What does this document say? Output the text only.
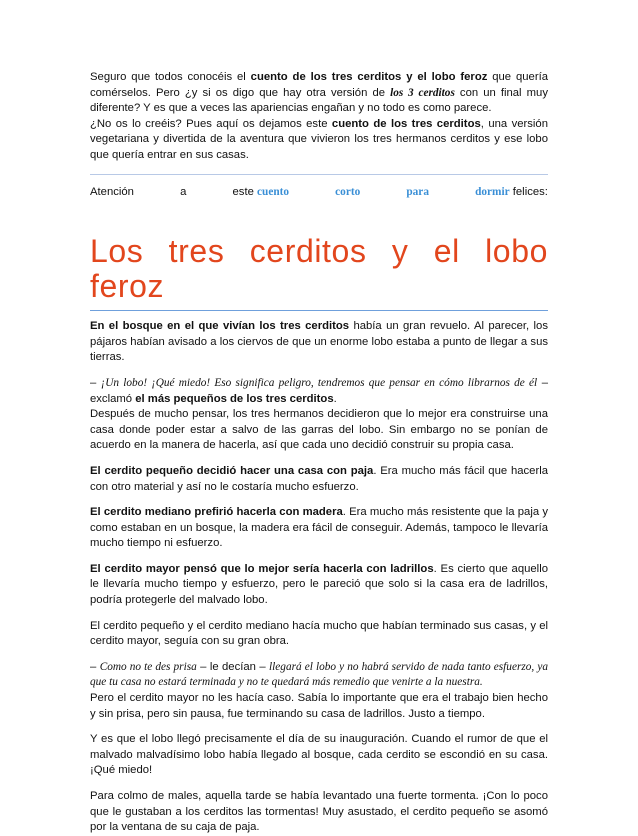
Seguro que todos conocéis el cuento de los tres cerditos y el lobo feroz que quería comérselos. Pero ¿y si os digo que hay otra versión de los 3 cerditos con un final muy diferente? Y es que a veces las apariencias engañan y no todo es como parece.

¿No os lo creéis? Pues aquí os dejamos este cuento de los tres cerditos, una versión vegetariana y divertida de la aventura que vivieron los tres hermanos cerditos y ese lobo que quería entrar en sus casas.

Atención	a	este cuento	corto	para	dormir felices:
Los tres cerditos y el lobo feroz

En el bosque en el que vivían los tres cerditos había un gran revuelo. Al parecer, los pájaros habían avisado a los ciervos de que un enorme lobo estaba a punto de llegar a sus tierras.

– ¡Un lobo! ¡Qué miedo! Eso significa peligro, tendremos que pensar en cómo librarnos de él – exclamó el más pequeños de los tres cerditos.

Después de mucho pensar, los tres hermanos decidieron que lo mejor era construirse una casa donde poder estar a salvo de las garras del lobo. Sin embargo no se ponían de acuerdo en la manera de hacerla, así que cada uno decidió construir su propia casa.

El cerdito pequeño decidió hacer una casa con paja. Era mucho más fácil que hacerla con otro material y así no le costaría mucho esfuerzo.

El cerdito mediano prefirió hacerla con madera. Era mucho más resistente que la paja y como estaban en un bosque, la madera era fácil de conseguir. Además, tampoco le llevaría mucho tiempo ni esfuerzo.

El cerdito mayor pensó que lo mejor sería hacerla con ladrillos. Es cierto que aquello le llevaría mucho tiempo y esfuerzo, pero le pareció que solo si la casa era de ladrillos, podría protegerle del malvado lobo.

El cerdito pequeño y el cerdito mediano hacía mucho que habían terminado sus casas, y el cerdito mayor, seguía con su gran obra.

– Como no te des prisa – le decían – llegará el lobo y no habrá servido de nada tanto esfuerzo, ya que tu casa no estará terminada y no te quedará más remedio que venirte a la nuestra.

Pero el cerdito mayor no les hacía caso. Sabía lo importante que era el trabajo bien hecho y sin prisa, pero sin pausa, fue terminando su casa de ladrillos. Justo a tiempo.

Y es que el lobo llegó precisamente el día de su inauguración. Cuando el rumor de que el malvado malvadísimo lobo había llegado al bosque, cada cerdito se escondió en su casa. ¡Qué miedo!

Para colmo de males, aquella tarde se había levantado una fuerte tormenta. ¡Con lo poco que le gustaban a los cerditos las tormentas! Muy asustado, el cerdito pequeño se asomó por la ventana de su caja de paja.
